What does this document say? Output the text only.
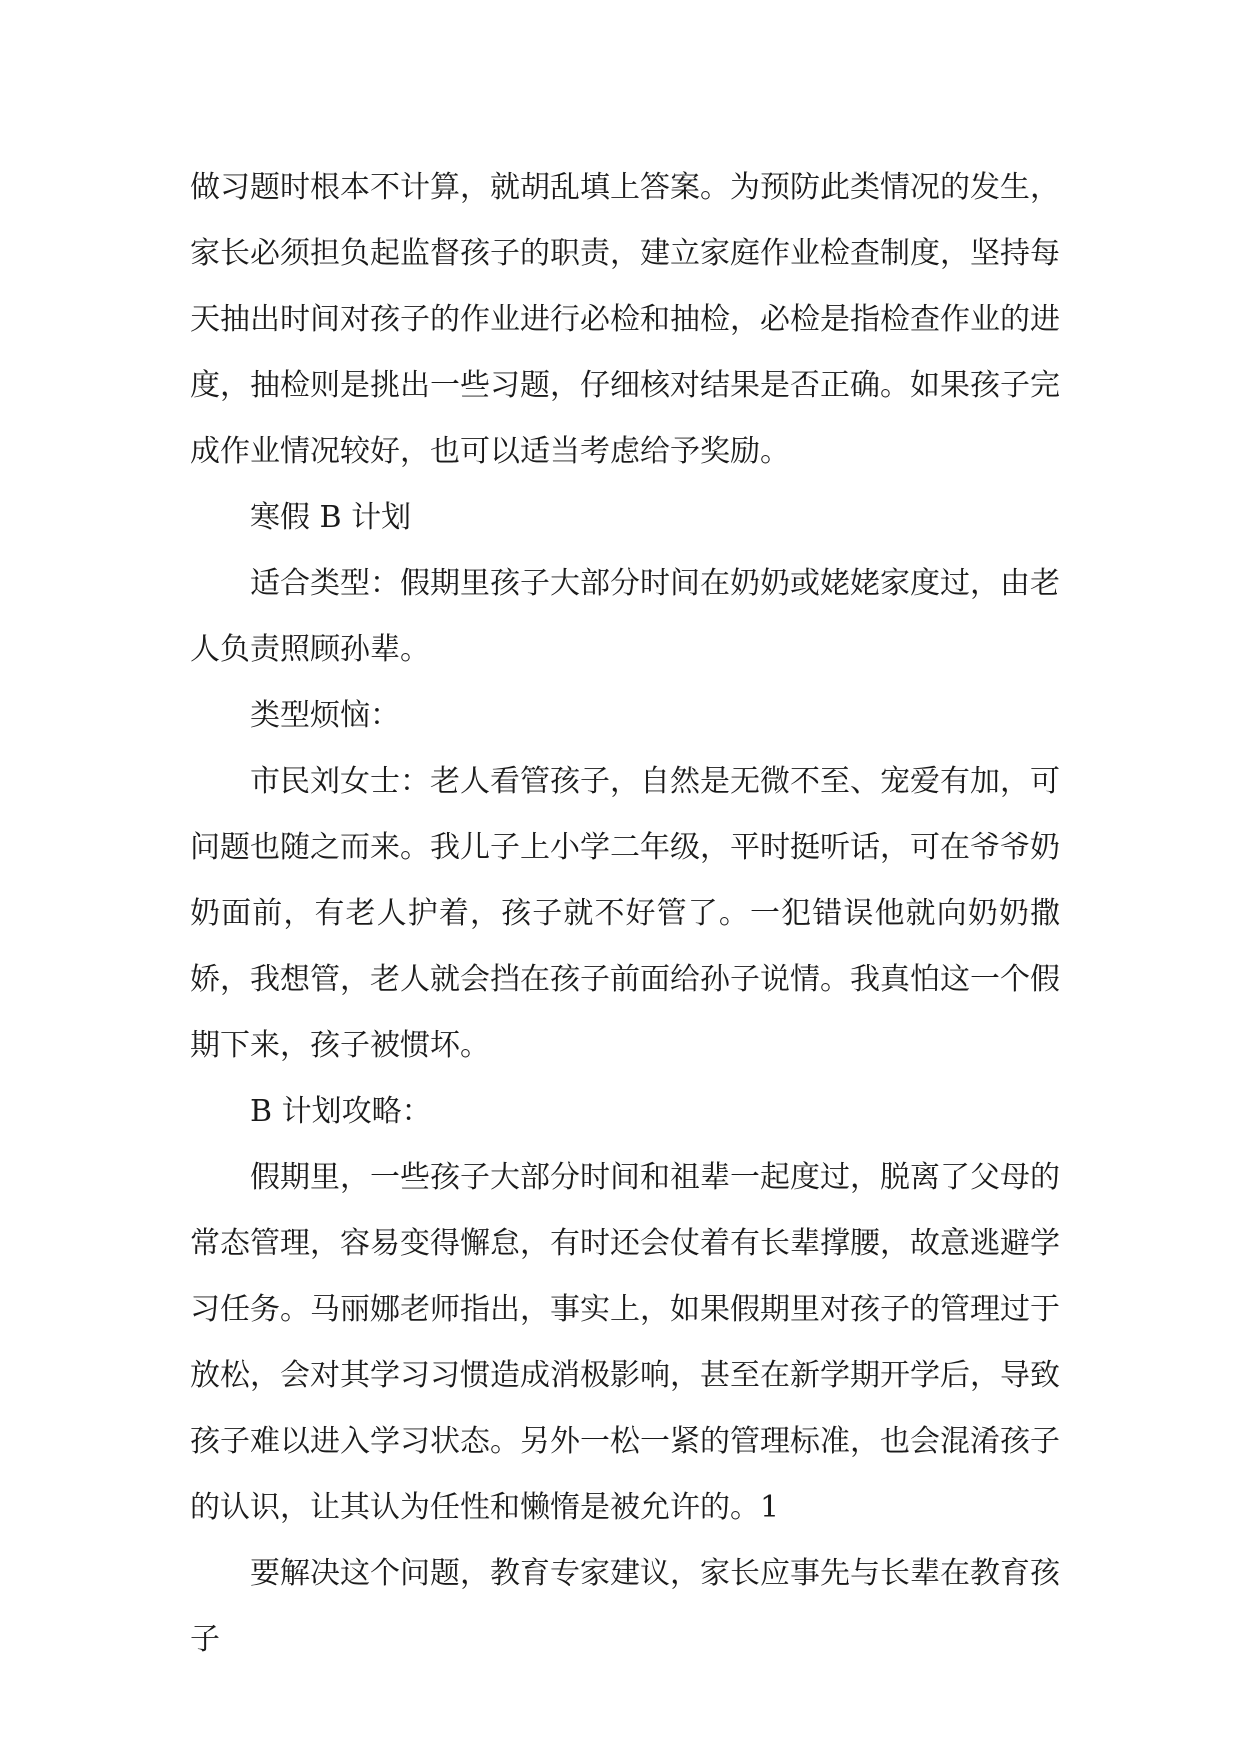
做习题时根本不计算，就胡乱填上答案。为预防此类情况的发生，家长必须担负起监督孩子的职责，建立家庭作业检查制度，坚持每天抽出时间对孩子的作业进行必检和抽检，必检是指检查作业的进度，抽检则是挑出一些习题，仔细核对结果是否正确。如果孩子完成作业情况较好，也可以适当考虑给予奖励。

寒假 B 计划

适合类型：假期里孩子大部分时间在奶奶或姥姥家度过，由老人负责照顾孙辈。

类型烦恼：

市民刘女士：老人看管孩子，自然是无微不至、宠爱有加，可问题也随之而来。我儿子上小学二年级，平时挺听话，可在爷爷奶奶面前，有老人护着，孩子就不好管了。一犯错误他就向奶奶撒娇，我想管，老人就会挡在孩子前面给孙子说情。我真怕这一个假期下来，孩子被惯坏。

B 计划攻略：

假期里，一些孩子大部分时间和祖辈一起度过，脱离了父母的常态管理，容易变得懈怠，有时还会仗着有长辈撑腰，故意逃避学习任务。马丽娜老师指出，事实上，如果假期里对孩子的管理过于放松，会对其学习习惯造成消极影响，甚至在新学期开学后，导致孩子难以进入学习状态。另外一松一紧的管理标准，也会混淆孩子的认识，让其认为任性和懒惰是被允许的。1

要解决这个问题，教育专家建议，家长应事先与长辈在教育孩子
